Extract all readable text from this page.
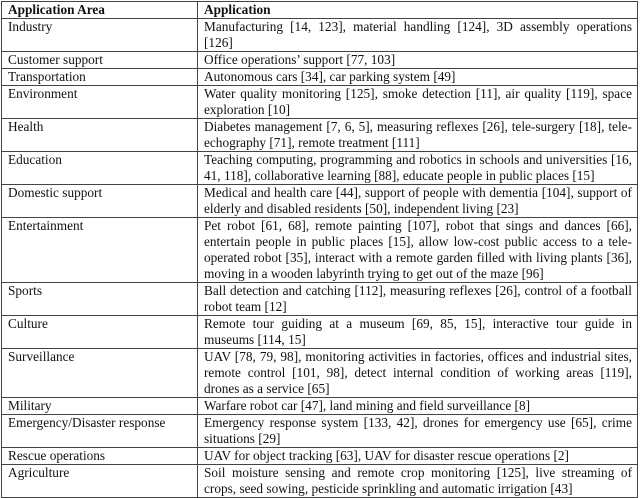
Application Area	Application
Industry	Manufacturing [14, 123], material handling [124], 3D assembly operations [126]
Customer support	Office operations’ support [77, 103]
Transportation	Autonomous cars [34], car parking system [49]
Environment	Water quality monitoring [125], smoke detection [11], air quality [119], space exploration [10]
Health	Diabetes management [7, 6, 5], measuring reflexes [26], tele-surgery [18], tele-echography [71], remote treatment [111]
Education	Teaching computing, programming and robotics in schools and universities [16, 41, 118], collaborative learning [88], educate people in public places [15]
Domestic support	Medical and health care [44], support of people with dementia [104], support of elderly and disabled residents [50], independent living [23]
Entertainment	Pet robot [61, 68], remote painting [107], robot that sings and dances [66], entertain people in public places [15], allow low-cost public access to a tele-operated robot [35], interact with a remote garden filled with living plants [36], moving in a wooden labyrinth trying to get out of the maze [96]
Sports	Ball detection and catching [112], measuring reflexes [26], control of a football robot team [12]
Culture	Remote tour guiding at a museum [69, 85, 15], interactive tour guide in museums [114, 15]
Surveillance	UAV [78, 79, 98], monitoring activities in factories, offices and industrial sites, remote control [101, 98], detect internal condition of working areas [119], drones as a service [65]
Military	Warfare robot car [47], land mining and field surveillance [8]
Emergency/Disaster response	Emergency response system [133, 42], drones for emergency use [65], crime situations [29]
Rescue operations	UAV for object tracking [63], UAV for disaster rescue operations [2]
Agriculture	Soil moisture sensing and remote crop monitoring [125], live streaming of crops, seed sowing, pesticide sprinkling and automatic irrigation [43]
